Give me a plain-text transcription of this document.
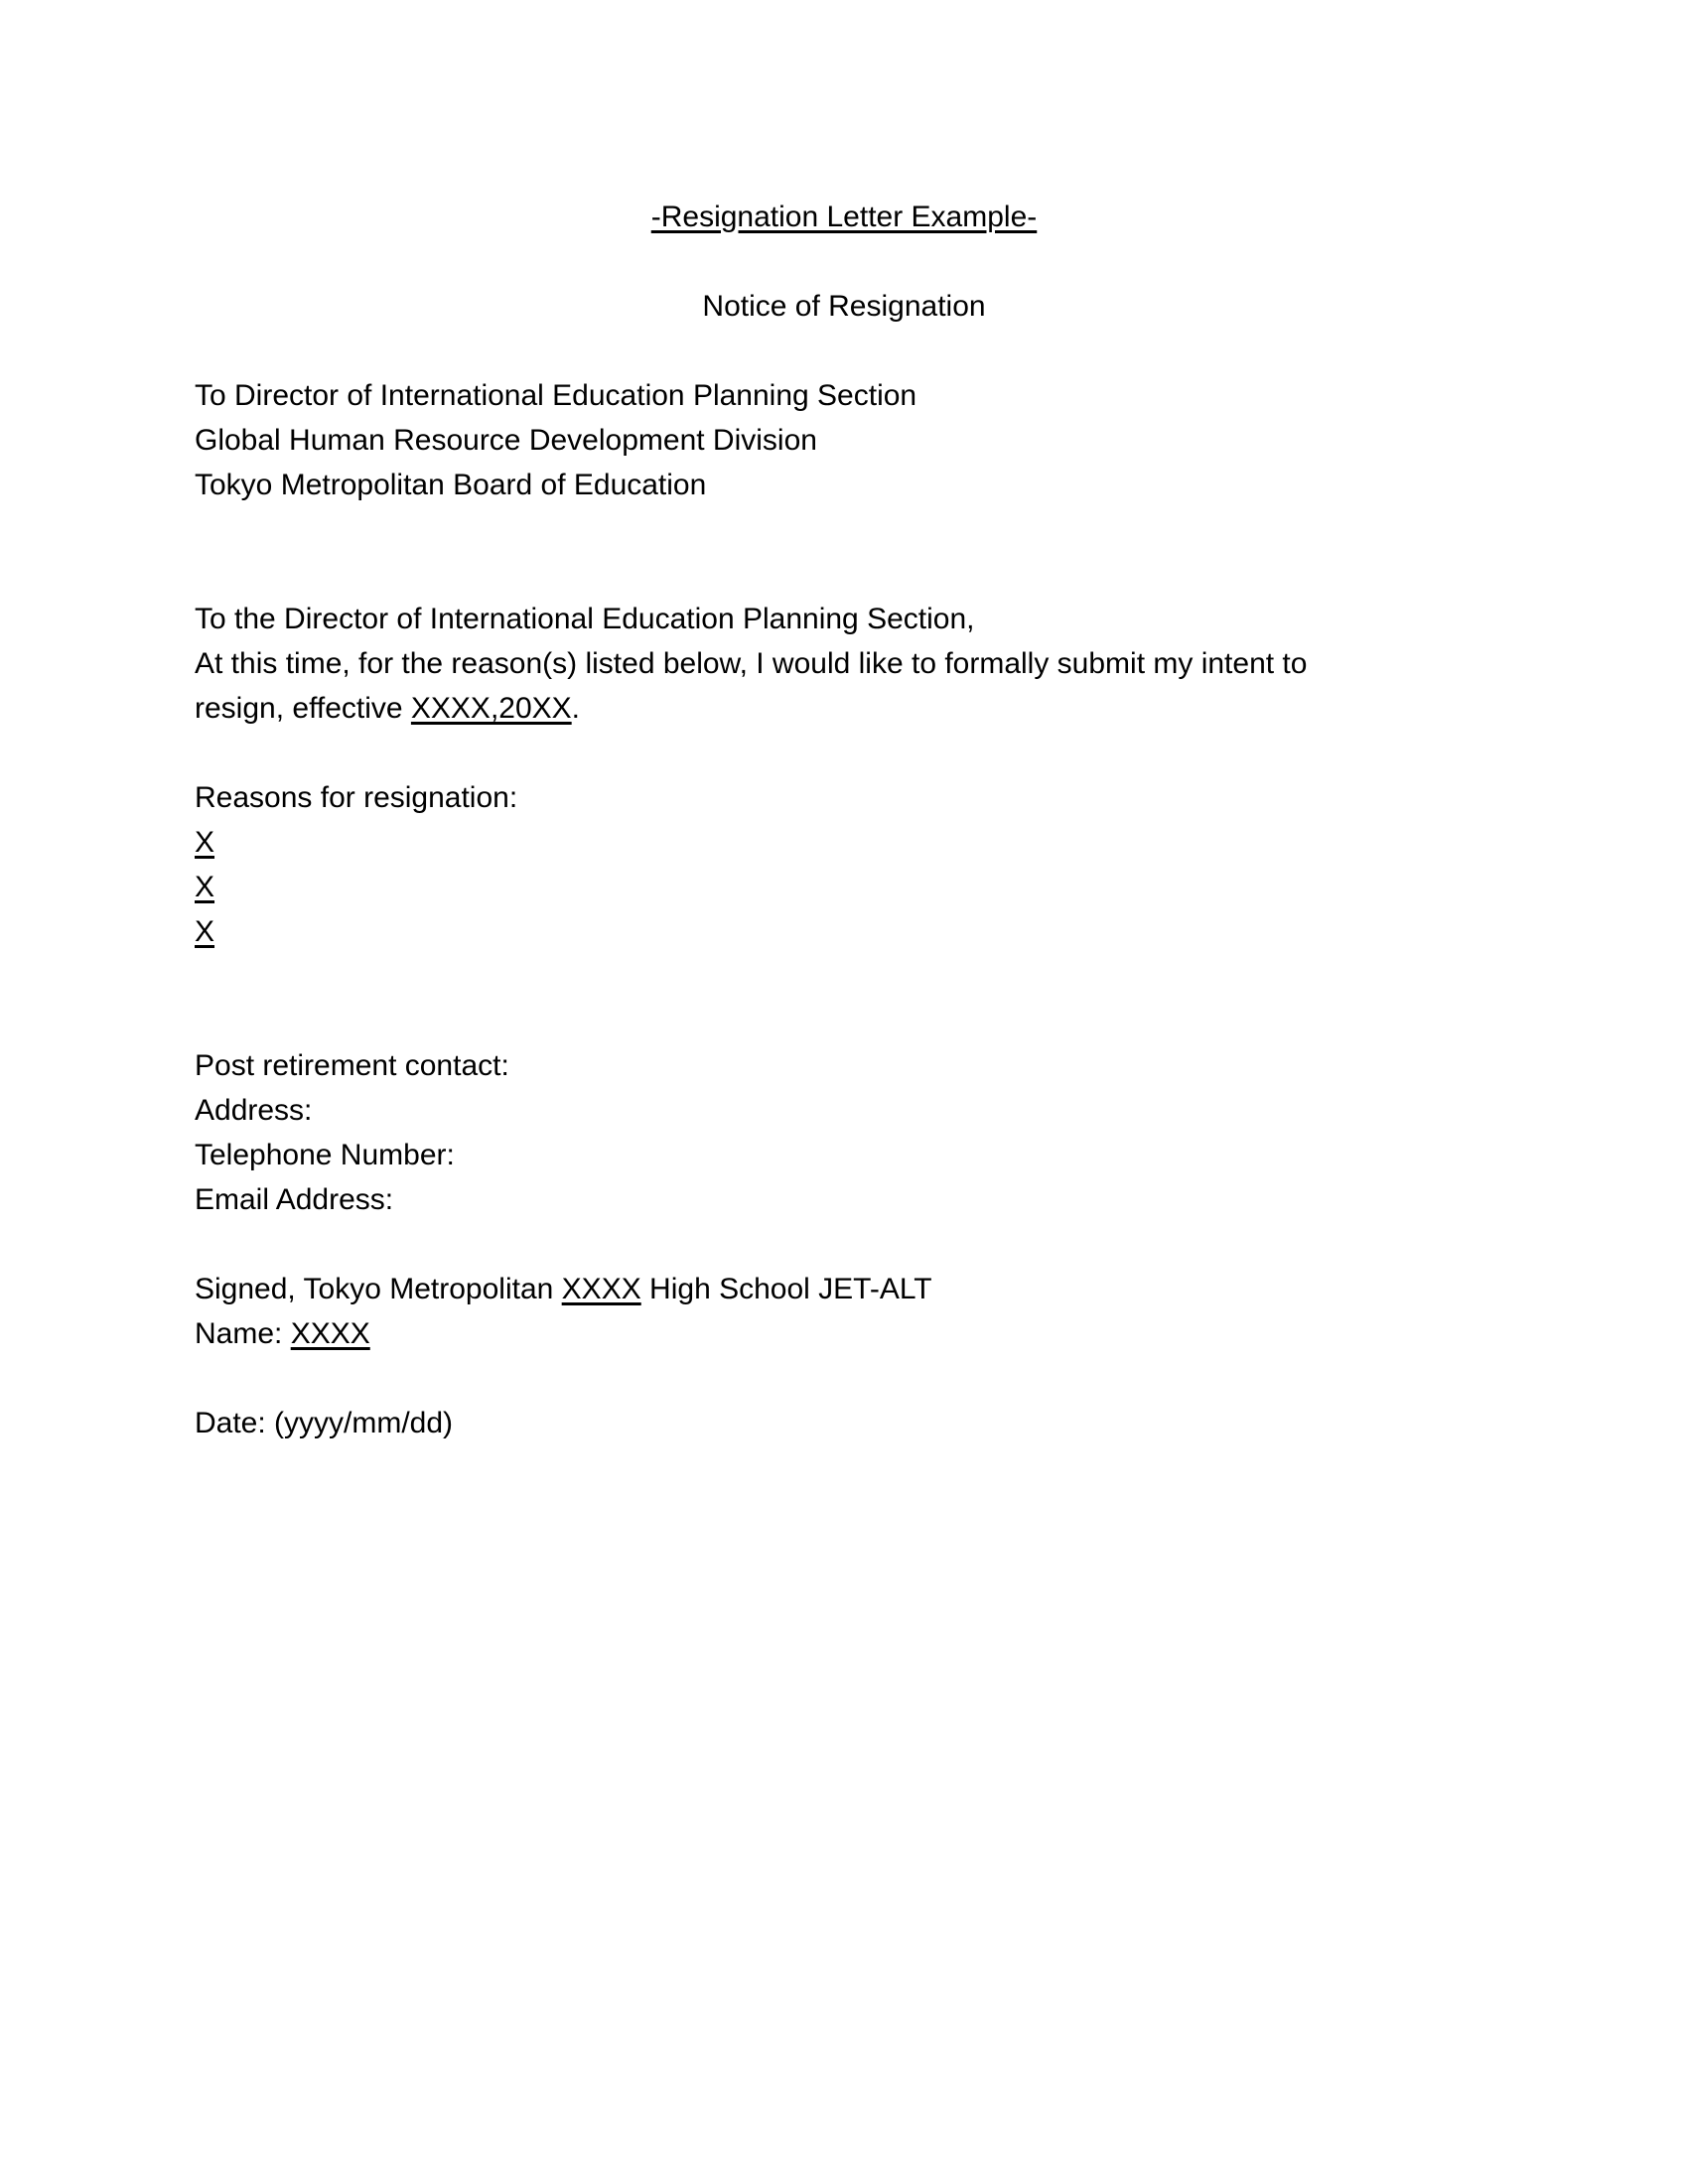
-Resignation Letter Example-
Notice of Resignation
To Director of International Education Planning Section
Global Human Resource Development Division
Tokyo Metropolitan Board of Education
To the Director of International Education Planning Section,
At this time, for the reason(s) listed below, I would like to formally submit my intent to
resign, effective XXXX,20XX.
Reasons for resignation:
X
X
X
Post retirement contact:
Address:
Telephone Number:
Email Address:
Signed, Tokyo Metropolitan XXXX High School JET-ALT
Name: XXXX
Date: (yyyy/mm/dd)
